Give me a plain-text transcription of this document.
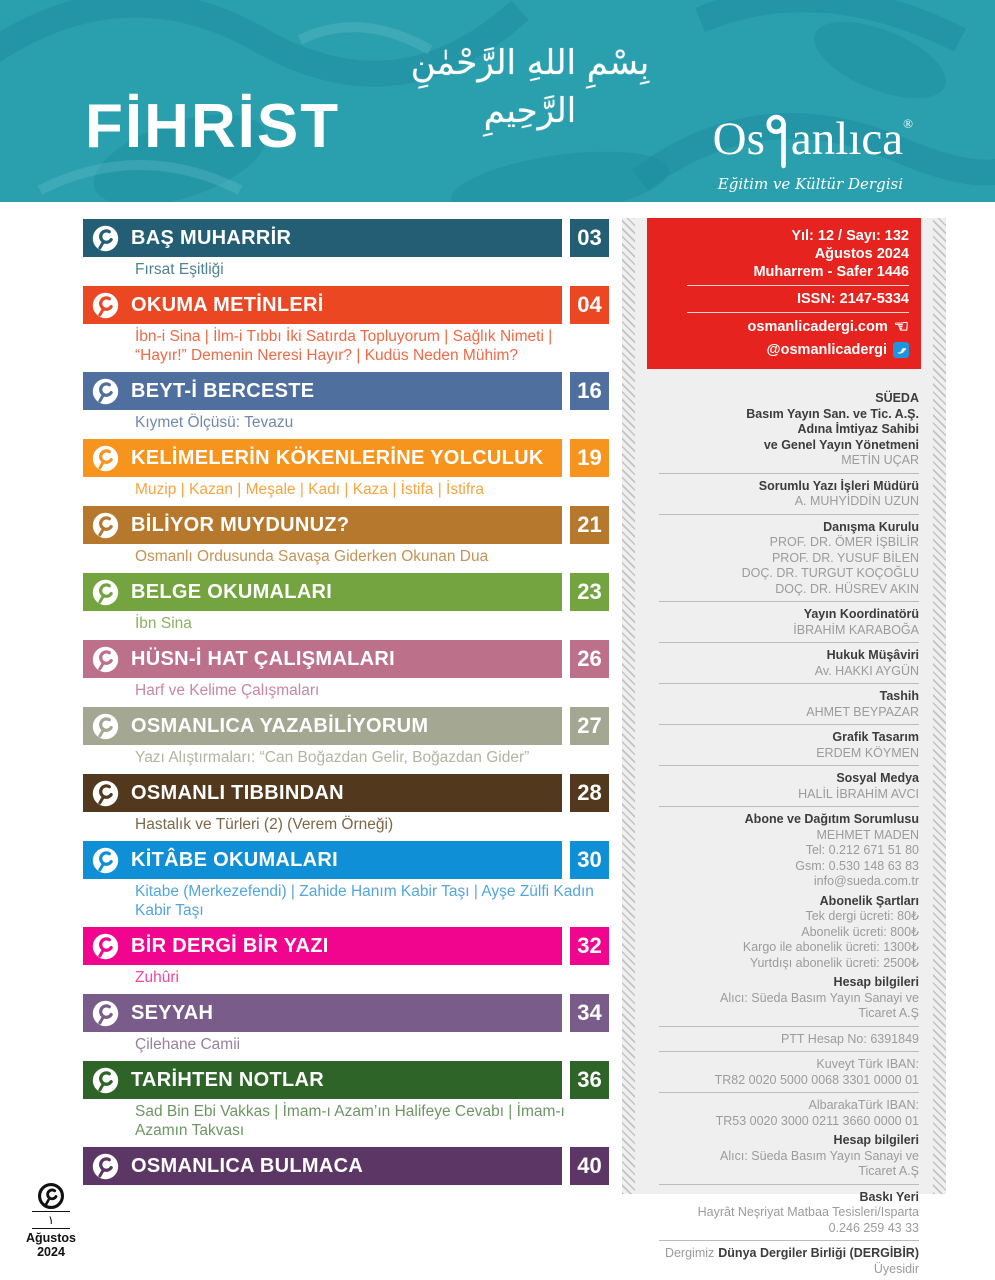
FİHRİST
بِسْمِ اللهِ الرَّحْمٰنِ الرَّحِيمِ
Os anlıca®
Eğitim ve Kültür Dergisi
BAŞ MUHARRİR	03
Fırsat Eşitliği
OKUMA METİNLERİ	04
İbn-i Sina | İlm-i Tıbbı İki Satırda Topluyorum | Sağlık Nimeti | “Hayır!” Demenin Neresi Hayır? | Kudüs Neden Mühim?
BEYT-İ BERCESTE	16
Kıymet Ölçüsü: Tevazu
KELİMELERİN KÖKENLERİNE YOLCULUK	19
Muzip | Kazan | Meşale | Kadı | Kaza | İstifa | İstifra
BİLİYOR MUYDUNUZ?	21
Osmanlı Ordusunda Savaşa Giderken Okunan Dua
BELGE OKUMALARI	23
İbn Sina
HÜSN-İ HAT ÇALIŞMALARI	26
Harf ve Kelime Çalışmaları
OSMANLICA YAZABİLİYORUM	27
Yazı Alıştırmaları: “Can Boğazdan Gelir, Boğazdan Gider”
OSMANLI TIBBINDAN	28
Hastalık ve Türleri (2) (Verem Örneği)
KİTÂBE OKUMALARI	30
Kitabe (Merkezefendi) | Zahide Hanım Kabir Taşı | Ayşe Zülfi Kadın Kabir Taşı
BİR DERGİ BİR YAZI	32
Zuhûri
SEYYAH	34
Çilehane Camii
TARİHTEN NOTLAR	36
Sad Bin Ebi Vakkas | İmam-ı Azam’ın Halifeye Cevabı | İmam-ı Azamın Takvası
OSMANLICA BULMACA	40
Yıl: 12 / Sayı: 132
Ağustos 2024
Muharrem - Safer 1446
ISSN: 2147-5334
osmanlicadergi.com ☜
@osmanlicadergi
SÜEDA
Basım Yayın San. ve Tic. A.Ş.
Adına İmtiyaz Sahibi
ve Genel Yayın Yönetmeni
METİN UÇAR
Sorumlu Yazı İşleri Müdürü
A. MUHYİDDİN UZUN
Danışma Kurulu
PROF. DR. ÖMER İŞBİLİR
PROF. DR. YUSUF BİLEN
DOÇ. DR. TURGUT KOÇOĞLU
DOÇ. DR. HÜSREV AKIN
Yayın Koordinatörü
İBRAHİM KARABOĞA
Hukuk Müşâviri
Av. HAKKI AYGÜN
Tashih
AHMET BEYPAZAR
Grafik Tasarım
ERDEM KÖYMEN
Sosyal Medya
HALİL İBRAHİM AVCI
Abone ve Dağıtım Sorumlusu
MEHMET MADEN
Tel: 0.212 671 51 80
Gsm: 0.530 148 63 83
info@sueda.com.tr
Abonelik Şartları
Tek dergi ücreti: 80₺
Abonelik ücreti: 800₺
Kargo ile abonelik ücreti: 1300₺
Yurtdışı abonelik ücreti: 2500₺
Hesap bilgileri
Alıcı: Süeda Basım Yayın Sanayi ve
Ticaret A.Ş
PTT Hesap No: 6391849
Kuveyt Türk IBAN:
TR82 0020 5000 0068 3301 0000 01
AlbarakaTürk IBAN:
TR53 0020 3000 0211 3660 0000 01
Hesap bilgileri
Alıcı: Süeda Basım Yayın Sanayi ve
Ticaret A.Ş
Baskı Yeri
Hayrât Neşriyat Matbaa Tesisleri/Isparta
0.246 259 43 33
Dergimiz Dünya Dergiler Birliği (DERGİBİR)
Üyesidir
١
Ağustos
2024
